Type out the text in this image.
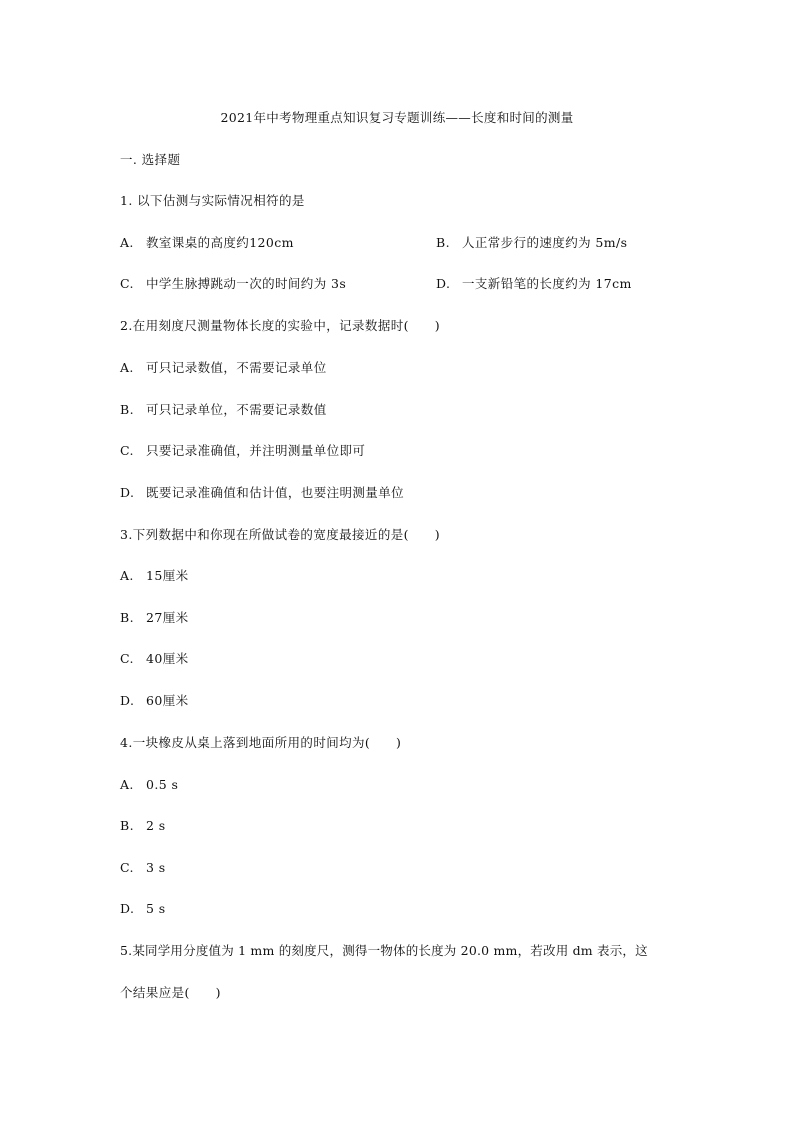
2021年中考物理重点知识复习专题训练——长度和时间的测量
一. 选择题
1. 以下估测与实际情况相符的是
A. 教室课桌的高度约120cm	B. 人正常步行的速度约为 5m/s
C. 中学生脉搏跳动一次的时间约为 3s	D. 一支新铅笔的长度约为 17cm
2.在用刻度尺测量物体长度的实验中，记录数据时(　　)
A. 可只记录数值，不需要记录单位
B. 可只记录单位，不需要记录数值
C. 只要记录准确值，并注明测量单位即可
D. 既要记录准确值和估计值，也要注明测量单位
3.下列数据中和你现在所做试卷的宽度最接近的是(　　)
A. 15厘米
B. 27厘米
C. 40厘米
D. 60厘米
4.一块橡皮从桌上落到地面所用的时间均为(　　)
A. 0.5 s
B. 2 s
C. 3 s
D. 5 s
5.某同学用分度值为 1 mm 的刻度尺，测得一物体的长度为 20.0 mm，若改用 dm 表示，这
个结果应是(　　)
